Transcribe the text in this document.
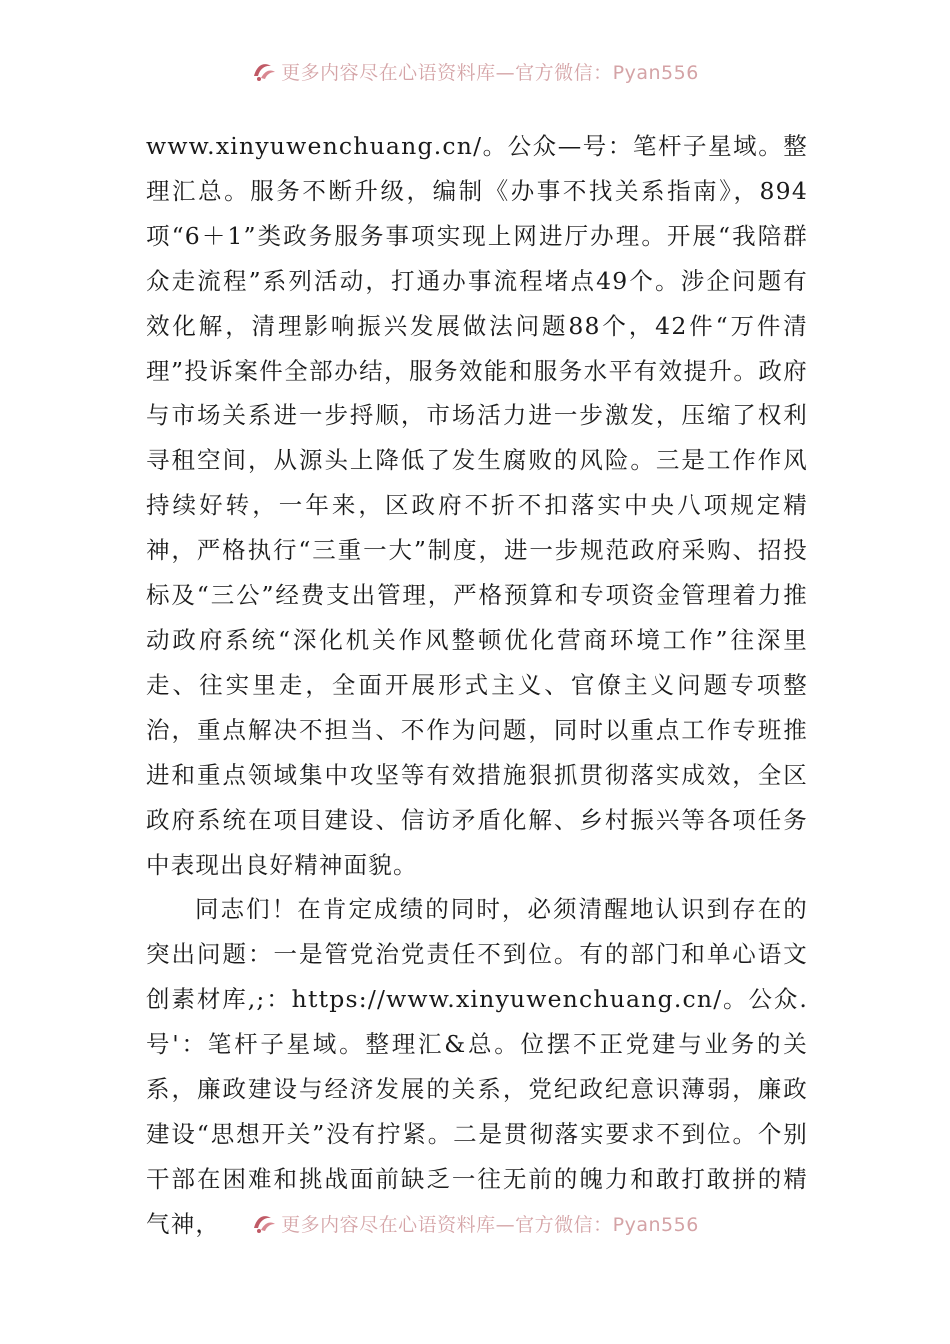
更多内容尽在心语资料库—官方微信：Pyan556

www.xinyuwenchuang.cn/。公众—号：笔杆子星域。整理汇总。服务不断升级，编制《办事不找关系指南》，894项“6＋1”类政务服务事项实现上网进厅办理。开展“我陪群众走流程”系列活动，打通办事流程堵点49个。涉企问题有效化解，清理影响振兴发展做法问题88个，42件“万件清理”投诉案件全部办结，服务效能和服务水平有效提升。政府与市场关系进一步捋顺，市场活力进一步激发，压缩了权利寻租空间，从源头上降低了发生腐败的风险。三是工作作风持续好转，一年来，区政府不折不扣落实中央八项规定精神，严格执行“三重一大”制度，进一步规范政府采购、招投标及“三公”经费支出管理，严格预算和专项资金管理着力推动政府系统“深化机关作风整顿优化营商环境工作”往深里走、往实里走，全面开展形式主义、官僚主义问题专项整治，重点解决不担当、不作为问题，同时以重点工作专班推进和重点领域集中攻坚等有效措施狠抓贯彻落实成效，全区政府系统在项目建设、信访矛盾化解、乡村振兴等各项任务中表现出良好精神面貌。

同志们！在肯定成绩的同时，必须清醒地认识到存在的突出问题：一是管党治党责任不到位。有的部门和单心语文创素材库,;：https://www.xinyuwenchuang.cn/。公众.号'：笔杆子星域。整理汇&总。位摆不正党建与业务的关系，廉政建设与经济发展的关系，党纪政纪意识薄弱，廉政建设“思想开关”没有拧紧。二是贯彻落实要求不到位。个别干部在困难和挑战面前缺乏一往无前的魄力和敢打敢拼的精气神，	更多内容尽在心语资料库—官方微信：Pyan556
